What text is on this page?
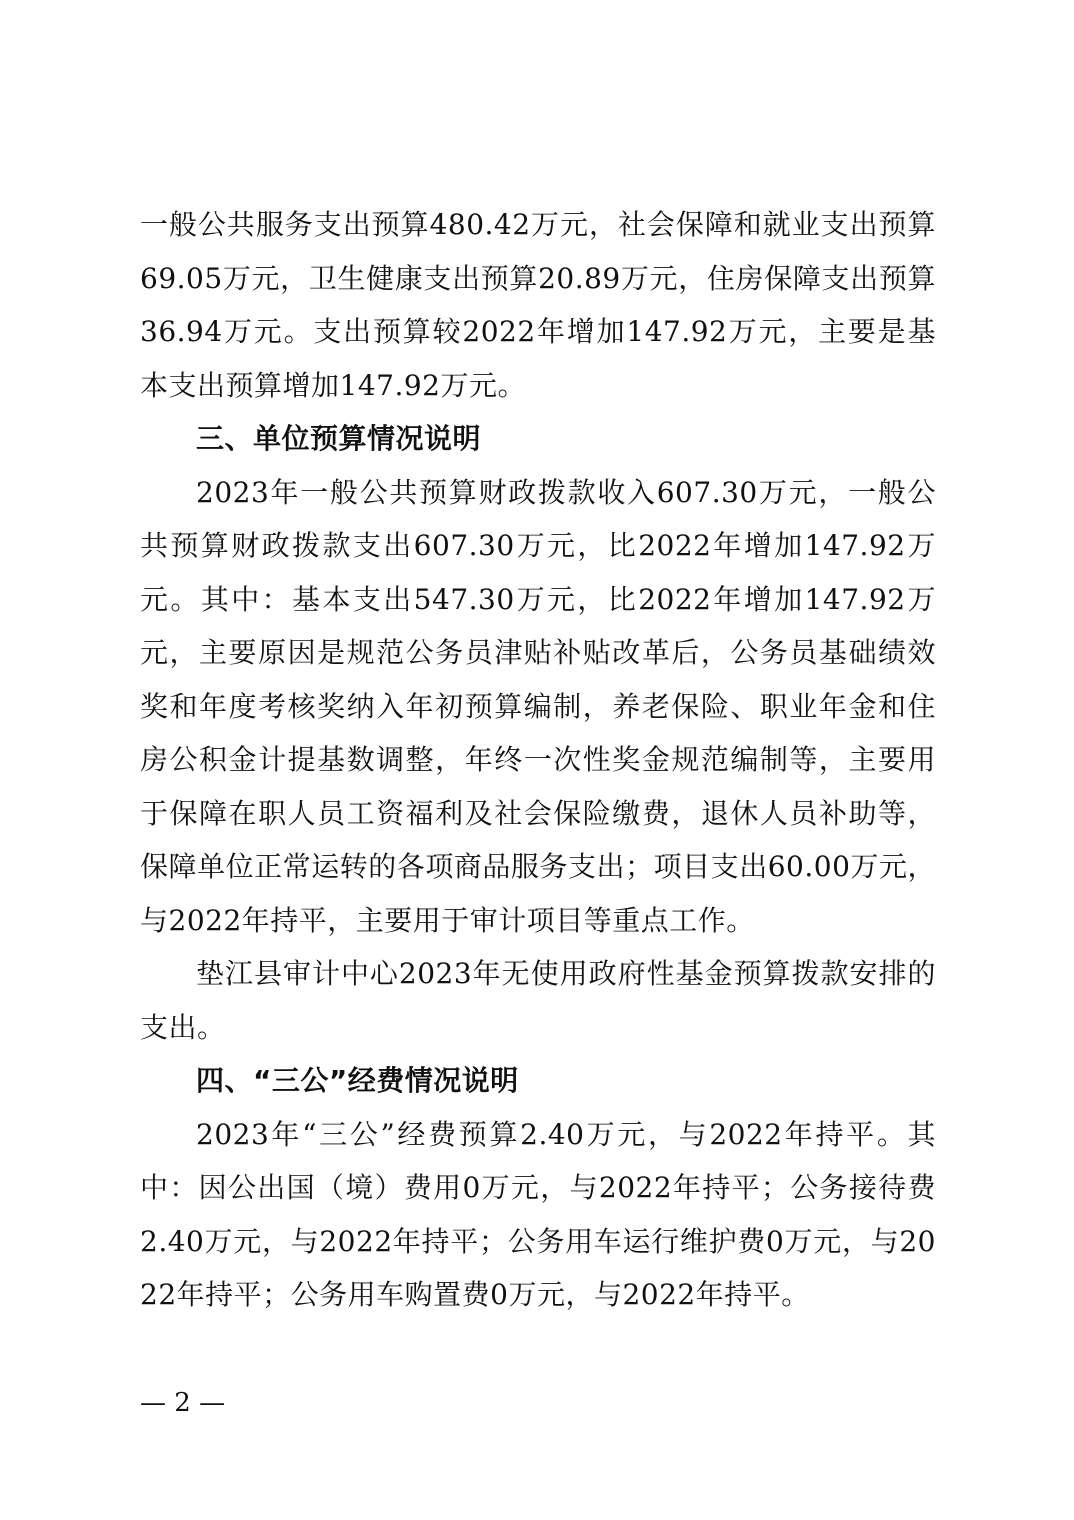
一般公共服务支出预算480.42万元，社会保障和就业支出预算69.05万元，卫生健康支出预算20.89万元，住房保障支出预算36.94万元。支出预算较2022年增加147.92万元，主要是基本支出预算增加147.92万元。

三、单位预算情况说明

2023年一般公共预算财政拨款收入607.30万元，一般公共预算财政拨款支出607.30万元，比2022年增加147.92万元。其中：基本支出547.30万元，比2022年增加147.92万元，主要原因是规范公务员津贴补贴改革后，公务员基础绩效奖和年度考核奖纳入年初预算编制，养老保险、职业年金和住房公积金计提基数调整，年终一次性奖金规范编制等，主要用于保障在职人员工资福利及社会保险缴费，退休人员补助等，保障单位正常运转的各项商品服务支出；项目支出60.00万元，与2022年持平，主要用于审计项目等重点工作。

垫江县审计中心2023年无使用政府性基金预算拨款安排的支出。

四、“三公”经费情况说明

2023年“三公”经费预算2.40万元，与2022年持平。其中：因公出国（境）费用0万元，与2022年持平；公务接待费2.40万元，与2022年持平；公务用车运行维护费0万元，与2022年持平；公务用车购置费0万元，与2022年持平。

— 2 —
